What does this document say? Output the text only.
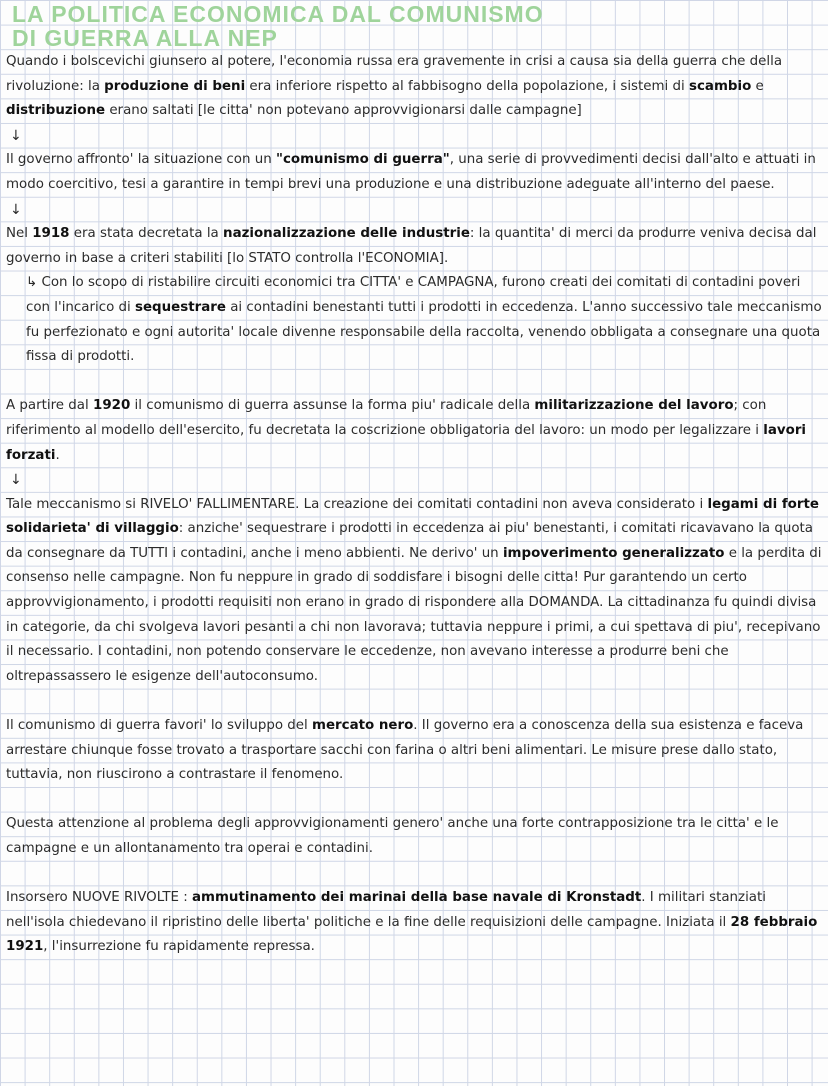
LA POLITICA ECONOMICA DAL COMUNISMO
DI GUERRA ALLA NEP

Quando i bolscevichi giunsero al potere, l'economia russa era gravemente in crisi a causa sia della guerra che della rivoluzione: la produzione di beni era inferiore rispetto al fabbisogno della popolazione, i sistemi di scambio e distribuzione erano saltati [le citta' non potevano approvvigionarsi dalle campagne]

↓

Il governo affronto' la situazione con un "comunismo di guerra", una serie di provvedimenti decisi dall'alto e attuati in modo coercitivo, tesi a garantire in tempi brevi una produzione e una distribuzione adeguate all'interno del paese.

↓

Nel 1918 era stata decretata la nazionalizzazione delle industrie: la quantita' di merci da produrre veniva decisa dal governo in base a criteri stabiliti [lo STATO controlla l'ECONOMIA].

↳ Con lo scopo di ristabilire circuiti economici tra CITTA' e CAMPAGNA, furono creati dei comitati di contadini poveri con l'incarico di sequestrare ai contadini benestanti tutti i prodotti in eccedenza. L'anno successivo tale meccanismo fu perfezionato e ogni autorita' locale divenne responsabile della raccolta, venendo obbligata a consegnare una quota fissa di prodotti.

A partire dal 1920 il comunismo di guerra assunse la forma piu' radicale della militarizzazione del lavoro; con riferimento al modello dell'esercito, fu decretata la coscrizione obbligatoria del lavoro: un modo per legalizzare i lavori forzati.

↓

Tale meccanismo si RIVELO' FALLIMENTARE. La creazione dei comitati contadini non aveva considerato i legami di forte solidarieta' di villaggio: anziche' sequestrare i prodotti in eccedenza ai piu' benestanti, i comitati ricavavano la quota da consegnare da TUTTI i contadini, anche i meno abbienti. Ne derivo' un impoverimento generalizzato e la perdita di consenso nelle campagne. Non fu neppure in grado di soddisfare i bisogni delle citta! Pur garantendo un certo approvvigionamento, i prodotti requisiti non erano in grado di rispondere alla DOMANDA. La cittadinanza fu quindi divisa in categorie, da chi svolgeva lavori pesanti a chi non lavorava; tuttavia neppure i primi, a cui spettava di piu', recepivano il necessario. I contadini, non potendo conservare le eccedenze, non avevano interesse a produrre beni che oltrepassassero le esigenze dell'autoconsumo.

Il comunismo di guerra favori' lo sviluppo del mercato nero. Il governo era a conoscenza della sua esistenza e faceva arrestare chiunque fosse trovato a trasportare sacchi con farina o altri beni alimentari. Le misure prese dallo stato, tuttavia, non riuscirono a contrastare il fenomeno.

Questa attenzione al problema degli approvvigionamenti genero' anche una forte contrapposizione tra le citta' e le campagne e un allontanamento tra operai e contadini.

Insorsero NUOVE RIVOLTE : ammutinamento dei marinai della base navale di Kronstadt. I militari stanziati nell'isola chiedevano il ripristino delle liberta' politiche e la fine delle requisizioni delle campagne. Iniziata il 28 febbraio 1921, l'insurrezione fu rapidamente repressa.
